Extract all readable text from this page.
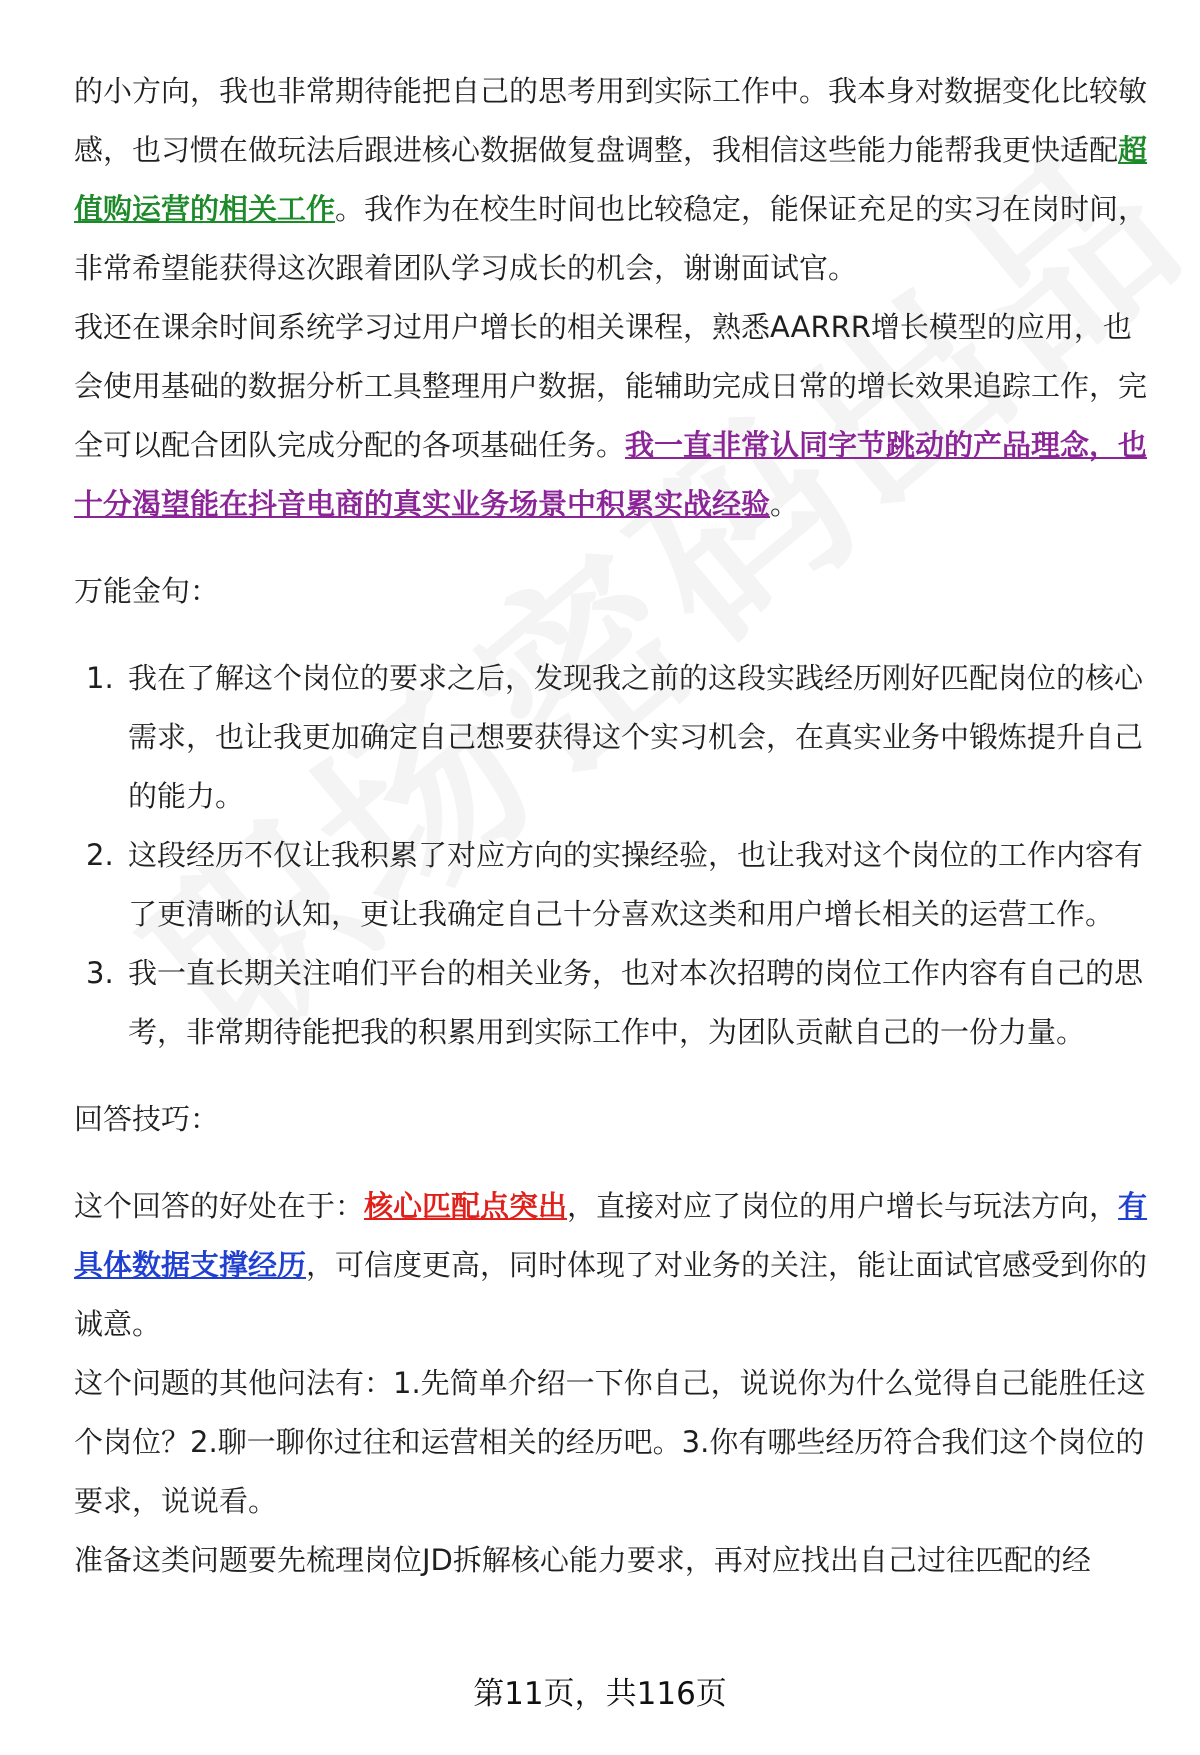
的小方向，我也非常期待能把自己的思考用到实际工作中。我本身对数据变化比较敏感，也习惯在做玩法后跟进核心数据做复盘调整，我相信这些能力能帮我更快适配超值购运营的相关工作。我作为在校生时间也比较稳定，能保证充足的实习在岗时间，非常希望能获得这次跟着团队学习成长的机会，谢谢面试官。

我还在课余时间系统学习过用户增长的相关课程，熟悉AARRR增长模型的应用，也会使用基础的数据分析工具整理用户数据，能辅助完成日常的增长效果追踪工作，完全可以配合团队完成分配的各项基础任务。我一直非常认同字节跳动的产品理念，也十分渴望能在抖音电商的真实业务场景中积累实战经验。

万能金句：

1. 我在了解这个岗位的要求之后，发现我之前的这段实践经历刚好匹配岗位的核心需求，也让我更加确定自己想要获得这个实习机会，在真实业务中锻炼提升自己的能力。
2. 这段经历不仅让我积累了对应方向的实操经验，也让我对这个岗位的工作内容有了更清晰的认知，更让我确定自己十分喜欢这类和用户增长相关的运营工作。
3. 我一直长期关注咱们平台的相关业务，也对本次招聘的岗位工作内容有自己的思考，非常期待能把我的积累用到实际工作中，为团队贡献自己的一份力量。

回答技巧：

这个回答的好处在于：核心匹配点突出，直接对应了岗位的用户增长与玩法方向，有具体数据支撑经历，可信度更高，同时体现了对业务的关注，能让面试官感受到你的诚意。

这个问题的其他问法有：1.先简单介绍一下你自己，说说你为什么觉得自己能胜任这个岗位？2.聊一聊你过往和运营相关的经历吧。3.你有哪些经历符合我们这个岗位的要求，说说看。

准备这类问题要先梳理岗位JD拆解核心能力要求，再对应找出自己过往匹配的经

第11页，共116页
